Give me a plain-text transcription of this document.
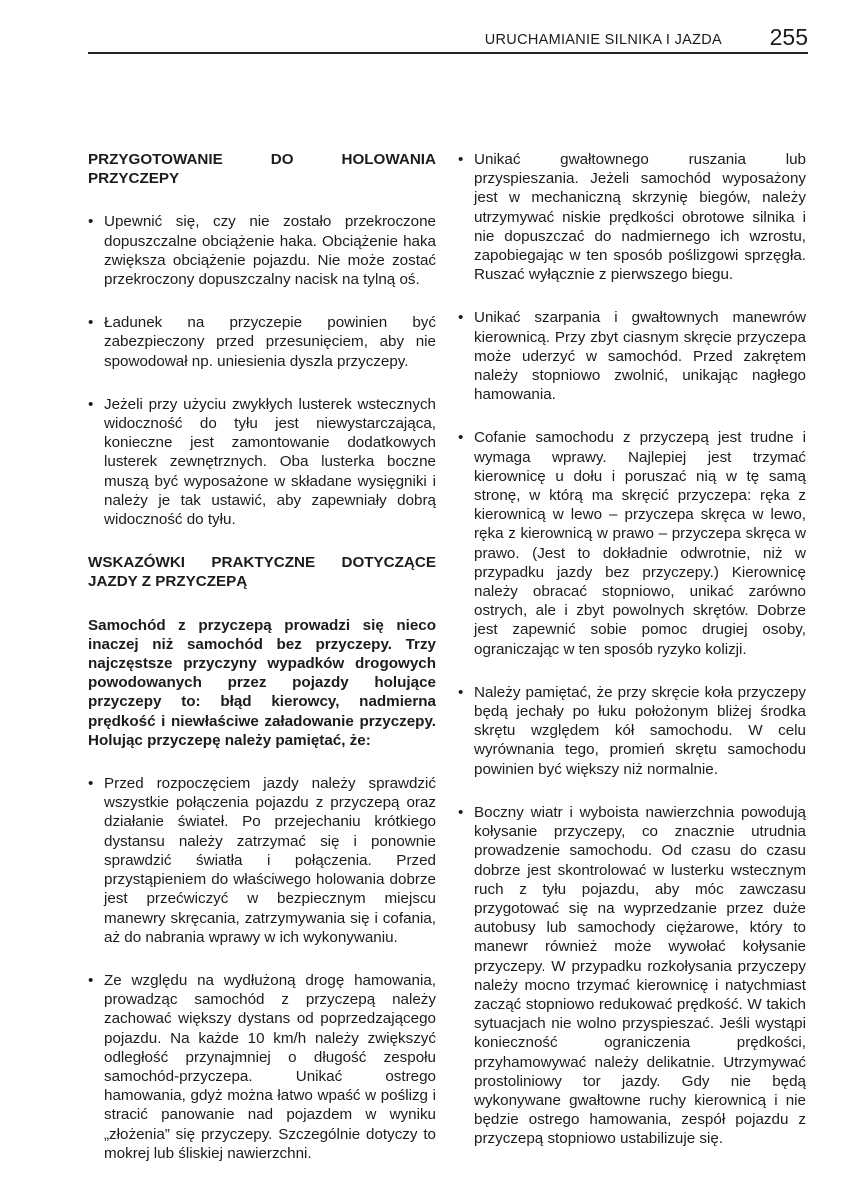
URUCHAMIANIE SILNIKA I JAZDA 255

PRZYGOTOWANIE DO HOLOWANIA PRZYCZEPY

• Upewnić się, czy nie zostało przekroczone dopuszczalne obciążenie haka. Obciążenie haka zwiększa obciążenie pojazdu. Nie może zostać przekroczony dopuszczalny nacisk na tylną oś.
• Ładunek na przyczepie powinien być zabezpieczony przed przesunięciem, aby nie spowodował np. uniesienia dyszla przyczepy.
• Jeżeli przy użyciu zwykłych lusterek wstecznych widoczność do tyłu jest niewystarczająca, konieczne jest zamontowanie dodatkowych lusterek zewnętrznych. Oba lusterka boczne muszą być wyposażone w składane wysięgniki i należy je tak ustawić, aby zapewniały dobrą widoczność do tyłu.

WSKAZÓWKI PRAKTYCZNE DOTYCZĄCE JAZDY Z PRZYCZEPĄ

Samochód z przyczepą prowadzi się nieco inaczej niż samochód bez przyczepy. Trzy najczęstsze przyczyny wypadków drogowych powodowanych przez pojazdy holujące przyczepy to: błąd kierowcy, nadmierna prędkość i niewłaściwe załadowanie przyczepy. Holując przyczepę należy pamiętać, że:

• Przed rozpoczęciem jazdy należy sprawdzić wszystkie połączenia pojazdu z przyczepą oraz działanie świateł. Po przejechaniu krótkiego dystansu należy zatrzymać się i ponownie sprawdzić światła i połączenia. Przed przystąpieniem do właściwego holowania dobrze jest przećwiczyć w bezpiecznym miejscu manewry skręcania, zatrzymywania się i cofania, aż do nabrania wprawy w ich wykonywaniu.
• Ze względu na wydłużoną drogę hamowania, prowadząc samochód z przyczepą należy zachować większy dystans od poprzedzającego pojazdu. Na każde 10 km/h należy zwiększyć odległość przynajmniej o długość zespołu samochód-przyczepa. Unikać ostrego hamowania, gdyż można łatwo wpaść w poślizg i stracić panowanie nad pojazdem w wyniku „złożenia” się przyczepy. Szczególnie dotyczy to mokrej lub śliskiej nawierzchni.
• Unikać gwałtownego ruszania lub przyspieszania. Jeżeli samochód wyposażony jest w mechaniczną skrzynię biegów, należy utrzymywać niskie prędkości obrotowe silnika i nie dopuszczać do nadmiernego ich wzrostu, zapobiegając w ten sposób poślizgowi sprzęgła. Ruszać wyłącznie z pierwszego biegu.
• Unikać szarpania i gwałtownych manewrów kierownicą. Przy zbyt ciasnym skręcie przyczepa może uderzyć w samochód. Przed zakrętem należy stopniowo zwolnić, unikając nagłego hamowania.
• Cofanie samochodu z przyczepą jest trudne i wymaga wprawy. Najlepiej jest trzymać kierownicę u dołu i poruszać nią w tę samą stronę, w którą ma skręcić przyczepa: ręka z kierownicą w lewo – przyczepa skręca w lewo, ręka z kierownicą w prawo – przyczepa skręca w prawo. (Jest to dokładnie odwrotnie, niż w przypadku jazdy bez przyczepy.) Kierownicę należy obracać stopniowo, unikać zarówno ostrych, ale i zbyt powolnych skrętów. Dobrze jest zapewnić sobie pomoc drugiej osoby, ograniczając w ten sposób ryzyko kolizji.
• Należy pamiętać, że przy skręcie koła przyczepy będą jechały po łuku położonym bliżej środka skrętu względem kół samochodu. W celu wyrównania tego, promień skrętu samochodu powinien być większy niż normalnie.
• Boczny wiatr i wyboista nawierzchnia powodują kołysanie przyczepy, co znacznie utrudnia prowadzenie samochodu. Od czasu do czasu dobrze jest skontrolować w lusterku wstecznym ruch z tyłu pojazdu, aby móc zawczasu przygotować się na wyprzedzanie przez duże autobusy lub samochody ciężarowe, który to manewr również może wywołać kołysanie przyczepy. W przypadku rozkołysania przyczepy należy mocno trzymać kierownicę i natychmiast zacząć stopniowo redukować prędkość. W takich sytuacjach nie wolno przyspieszać. Jeśli wystąpi konieczność ograniczenia prędkości, przyhamowywać należy delikatnie. Utrzymywać prostoliniowy tor jazdy. Gdy nie będą wykonywane gwałtowne ruchy kierownicą i nie będzie ostrego hamowania, zespół pojazdu z przyczepą stopniowo ustabilizuje się.
